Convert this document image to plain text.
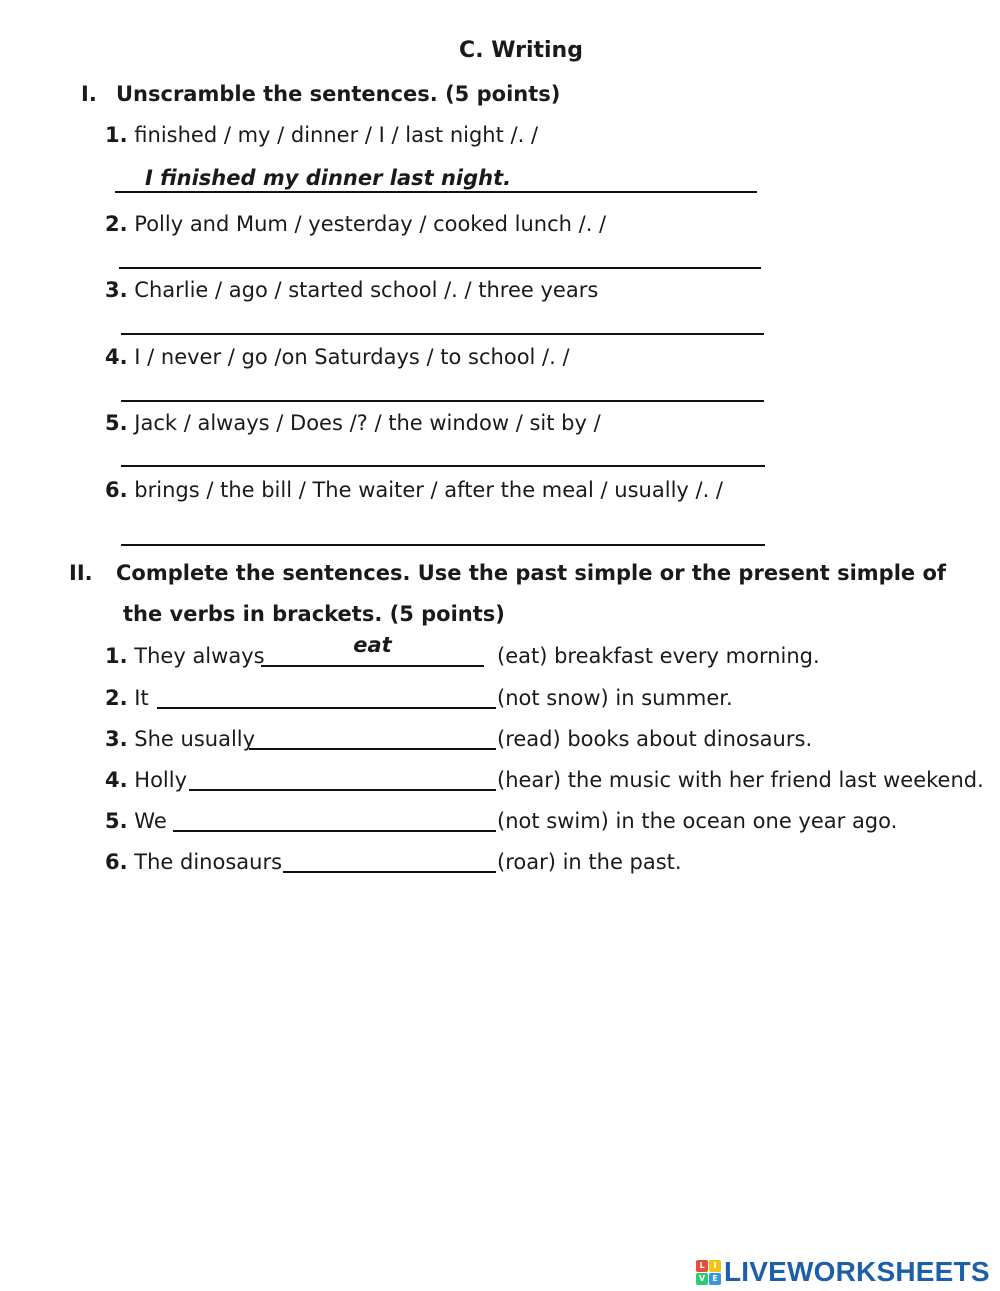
C. Writing
I. Unscramble the sentences. (5 points)
1. finished / my / dinner / I / last night /. /
I finished my dinner last night.
2. Polly and Mum / yesterday / cooked lunch /. /
3. Charlie / ago / started school /. / three years
4. I / never / go /on Saturdays / to school /. /
5. Jack / always / Does /? / the window / sit by /
6. brings / the bill / The waiter / after the meal / usually /. /
II. Complete the sentences. Use the past simple or the present simple of
the verbs in brackets. (5 points)
1. They always	eat	(eat) breakfast every morning.
2. It	(not snow) in summer.
3. She usually	(read) books about dinosaurs.
4. Holly	(hear) the music with her friend last weekend.
5. We	(not swim) in the ocean one year ago.
6. The dinosaurs	(roar) in the past.
L	I
V E LIVEWORKSHEETS
